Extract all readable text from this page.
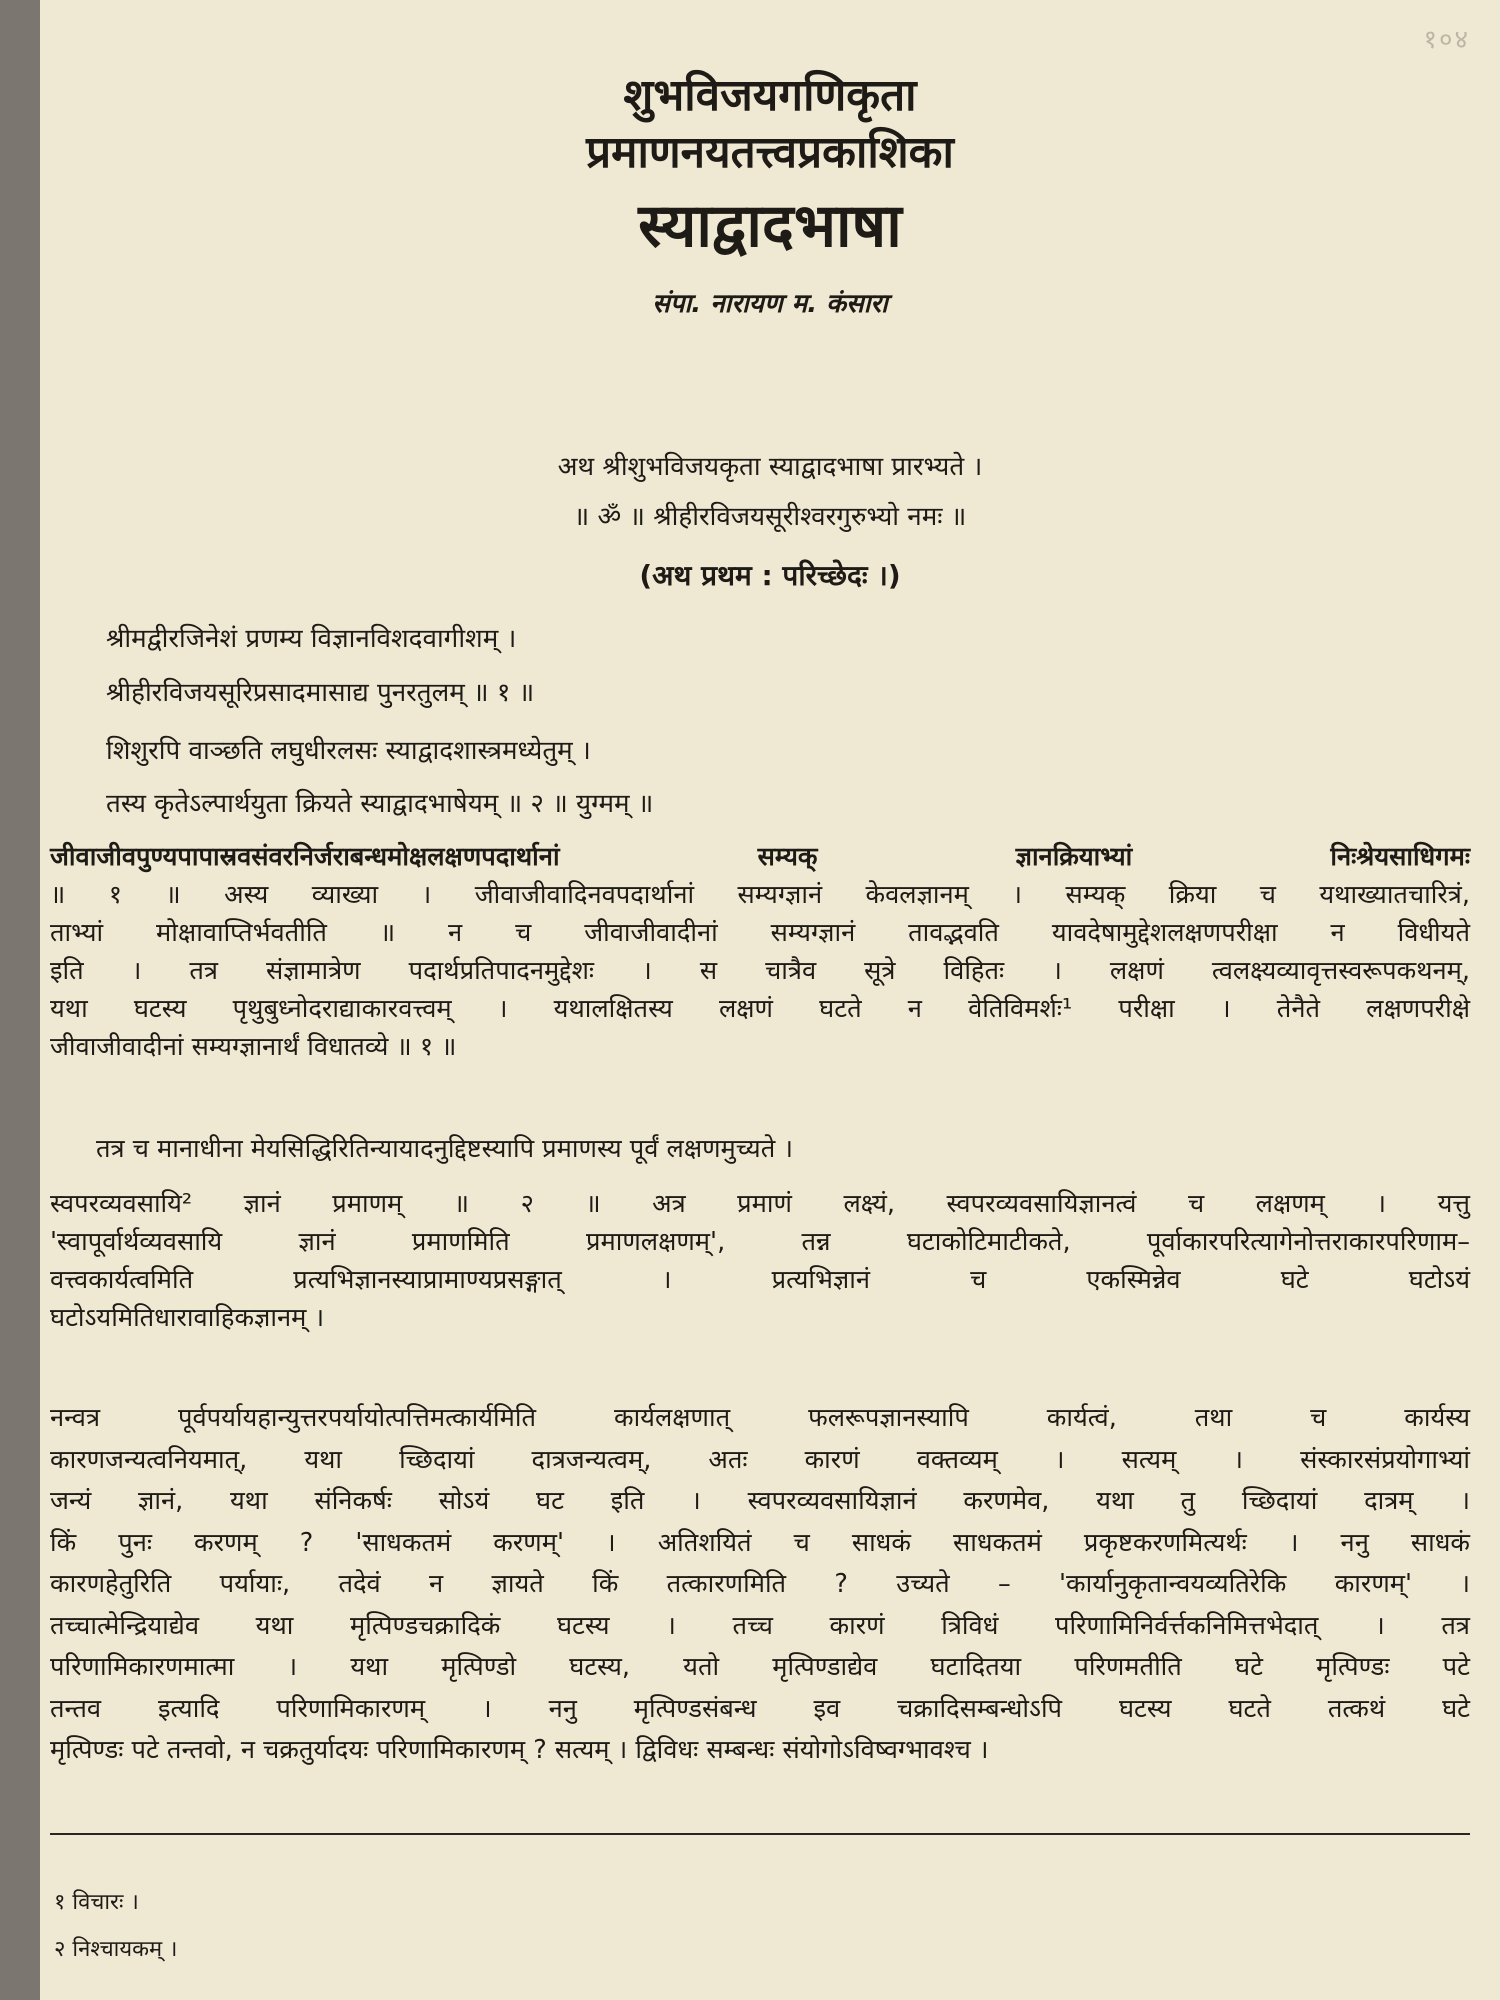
१०४

शुभविजयगणिकृता

प्रमाणनयतत्त्वप्रकाशिका

स्याद्वादभाषा

संपा. नारायण म. कंसारा
अथ श्रीशुभविजयकृता स्याद्वादभाषा प्रारभ्यते ।
॥ ॐ ॥ श्रीहीरविजयसूरीश्वरगुरुभ्यो नमः ॥
(अथ प्रथम : परिच्छेदः ।)
श्रीमद्वीरजिनेशं प्रणम्य विज्ञानविशदवागीशम् ।
श्रीहीरविजयसूरिप्रसादमासाद्य पुनरतुलम् ॥ १ ॥
शिशुरपि वाञ्छति लघुधीरलसः स्याद्वादशास्त्रमध्येतुम् ।
तस्य कृतेऽल्पार्थयुता क्रियते स्याद्वादभाषेयम् ॥ २ ॥ युग्मम् ॥
जीवाजीवपुण्यपापास्रवसंवरनिर्जराबन्धमोक्षलक्षणपदार्थानां सम्यक् ज्ञानक्रियाभ्यां निःश्रेयसाधिगमः
॥ १ ॥ अस्य व्याख्या । जीवाजीवादिनवपदार्थानां सम्यग्ज्ञानं केवलज्ञानम् । सम्यक् क्रिया च यथाख्यातचारित्रं,
ताभ्यां मोक्षावाप्तिर्भवतीति ॥ न च जीवाजीवादीनां सम्यग्ज्ञानं तावद्भवति यावदेषामुद्देशलक्षणपरीक्षा न विधीयते
इति । तत्र संज्ञामात्रेण पदार्थप्रतिपादनमुद्देशः । स चात्रैव सूत्रे विहितः । लक्षणं त्वलक्ष्यव्यावृत्तस्वरूपकथनम्,
यथा घटस्य पृथुबुध्नोदराद्याकारवत्त्वम् । यथालक्षितस्य लक्षणं घटते न वेतिविमर्शः¹ परीक्षा । तेनैते लक्षणपरीक्षे
जीवाजीवादीनां सम्यग्ज्ञानार्थं विधातव्ये ॥ १ ॥
तत्र च मानाधीना मेयसिद्धिरितिन्यायादनुद्दिष्टस्यापि प्रमाणस्य पूर्वं लक्षणमुच्यते ।
स्वपरव्यवसायि² ज्ञानं प्रमाणम् ॥ २ ॥ अत्र प्रमाणं लक्ष्यं, स्वपरव्यवसायिज्ञानत्वं च लक्षणम् । यत्तु
'स्वापूर्वार्थव्यवसायि ज्ञानं प्रमाणमिति प्रमाणलक्षणम्', तन्न घटाकोटिमाटीकते, पूर्वाकारपरित्यागेनोत्तराकारपरिणाम–
वत्त्वकार्यत्वमिति प्रत्यभिज्ञानस्याप्रामाण्यप्रसङ्गात् । प्रत्यभिज्ञानं च एकस्मिन्नेव घटे घटोऽयं
घटोऽयमितिधारावाहिकज्ञानम् ।
नन्वत्र पूर्वपर्यायहान्युत्तरपर्यायोत्पत्तिमत्कार्यमिति कार्यलक्षणात् फलरूपज्ञानस्यापि कार्यत्वं, तथा च कार्यस्य
कारणजन्यत्वनियमात्, यथा च्छिदायां दात्रजन्यत्वम्, अतः कारणं वक्तव्यम् । सत्यम् । संस्कारसंप्रयोगाभ्यां
जन्यं ज्ञानं, यथा संनिकर्षः सोऽयं घट इति । स्वपरव्यवसायिज्ञानं करणमेव, यथा तु च्छिदायां दात्रम् ।
किं पुनः करणम् ? 'साधकतमं करणम्' । अतिशयितं च साधकं साधकतमं प्रकृष्टकरणमित्यर्थः । ननु साधकं
कारणहेतुरिति पर्यायाः, तदेवं न ज्ञायते किं तत्कारणमिति ? उच्यते – 'कार्यानुकृतान्वयव्यतिरेकि कारणम्' ।
तच्चात्मेन्द्रियाद्येव यथा मृत्पिण्डचक्रादिकं घटस्य । तच्च कारणं त्रिविधं परिणामिनिर्वर्त्तकनिमित्तभेदात् । तत्र
परिणामिकारणमात्मा । यथा मृत्पिण्डो घटस्य, यतो मृत्पिण्डाद्येव घटादितया परिणमतीति घटे मृत्पिण्डः पटे
तन्तव इत्यादि परिणामिकारणम् । ननु मृत्पिण्डसंबन्ध इव चक्रादिसम्बन्धोऽपि घटस्य घटते तत्कथं घटे
मृत्पिण्डः पटे तन्तवो, न चक्रतुर्यादयः परिणामिकारणम् ? सत्यम् । द्विविधः सम्बन्धः संयोगोऽविष्वग्भावश्च ।
१ विचारः ।
२ निश्चायकम् ।
